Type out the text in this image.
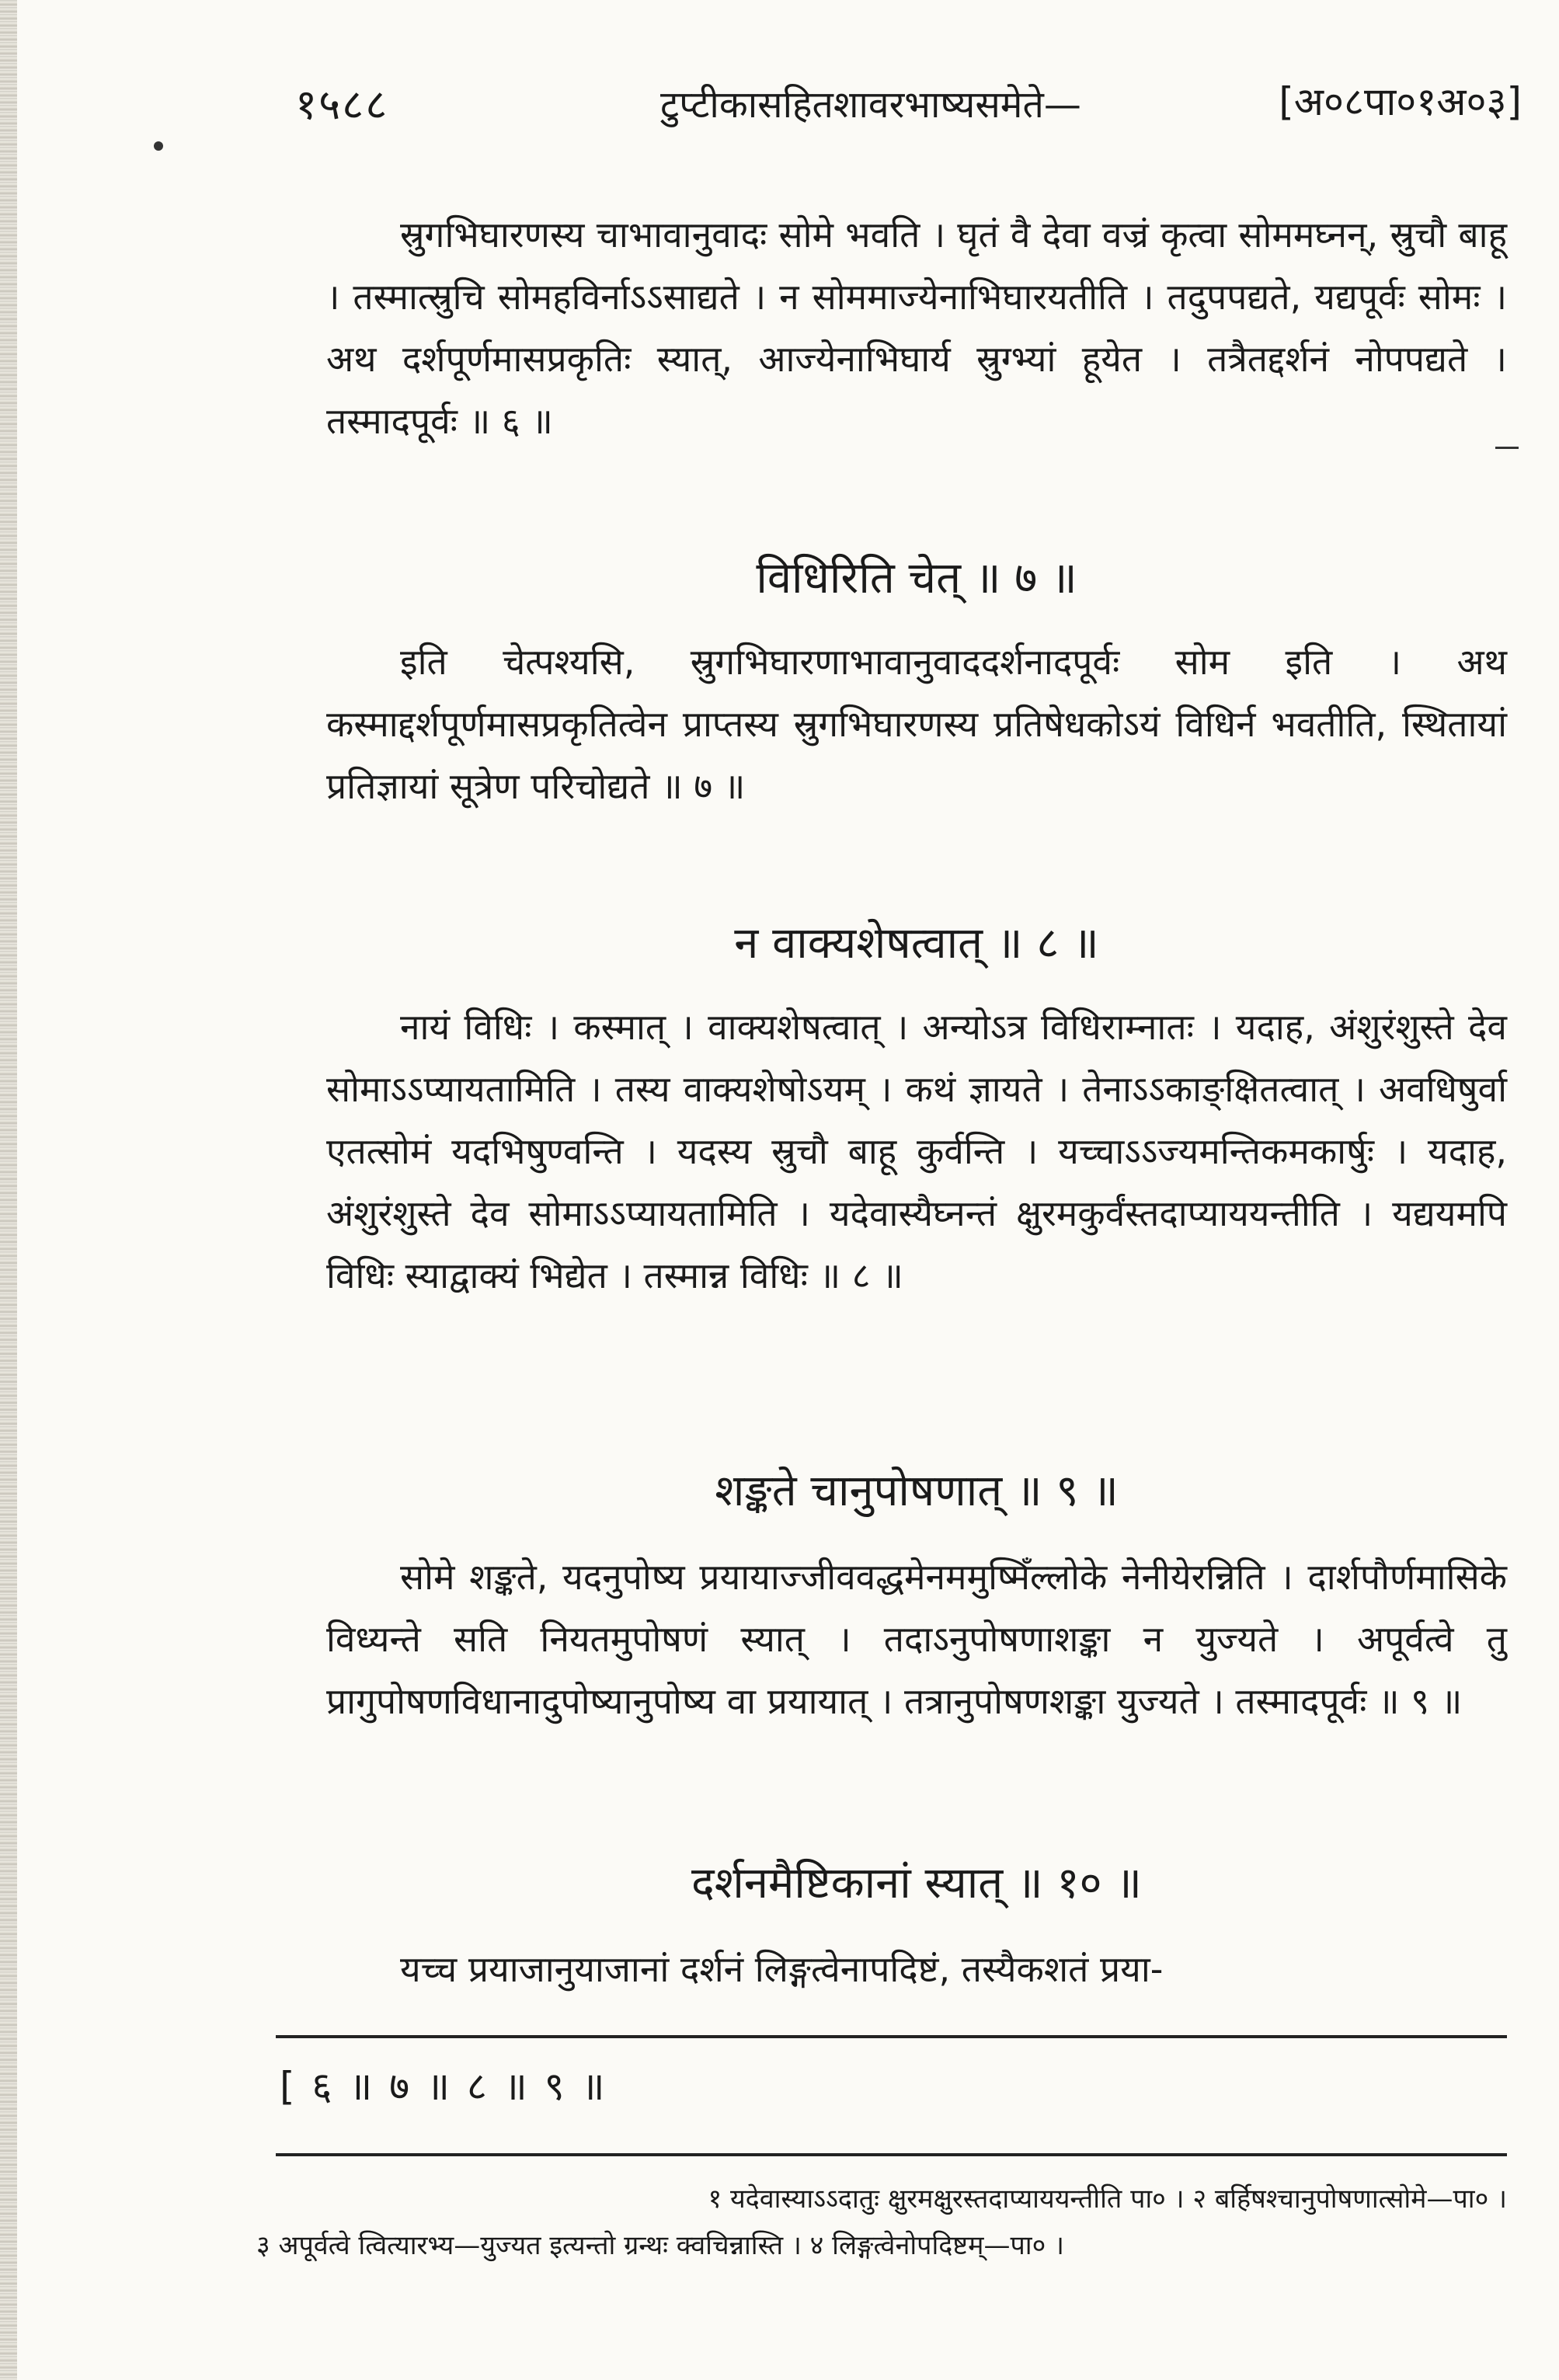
१५८८	टुप्टीकासहितशावरभाष्यसमेते—	[अ०८पा०१अ०३]

स्रुगभिघारणस्य चाभावानुवादः सोमे भवति । घृतं वै देवा वज्रं कृत्वा सोममघ्नन्, स्रुचौ बाहू । तस्मात्स्रुचि सोमहविर्नाऽऽसाद्यते । न सोममाज्येनाभिघारयतीति । तदुपपद्यते, यद्यपूर्वः सोमः । अथ दर्शपूर्णमासप्रकृतिः स्यात्, आज्येनाभिघार्य स्रुग्भ्यां हूयेत । तत्रैतद्दर्शनं नोपपद्यते । तस्मादपूर्वः ॥ ६ ॥

विधिरिति चेत् ॥ ७ ॥

इति चेत्पश्यसि, स्रुगभिघारणाभावानुवाददर्शनादपूर्वः सोम इति । अथ कस्माद्दर्शपूर्णमासप्रकृतित्वेन प्राप्तस्य स्रुगभिघारणस्य प्रतिषेधकोऽयं विधिर्न भवतीति, स्थितायां प्रतिज्ञायां सूत्रेण परिचोद्यते ॥ ७ ॥

न वाक्यशेषत्वात् ॥ ८ ॥

नायं विधिः । कस्मात् । वाक्यशेषत्वात् । अन्योऽत्र विधिराम्नातः । यदाह, अंशुरंशुस्ते देव सोमाऽऽप्यायतामिति । तस्य वाक्यशेषोऽयम् । कथं ज्ञायते । तेनाऽऽकाङ्क्षितत्वात् । अवधिषुर्वा एतत्सोमं यदभिषुण्वन्ति । यदस्य स्रुचौ बाहू कुर्वन्ति । यच्चाऽऽज्यमन्तिकमकार्षुः । यदाह, अंशुरंशुस्ते देव सोमाऽऽप्यायतामिति । यदेवास्यैघ्नन्तं क्षुरमकुर्वंस्तदाप्याययन्तीति । यद्ययमपि विधिः स्याद्वाक्यं भिद्येत । तस्मान्न विधिः ॥ ८ ॥

शङ्कते चानुपोषणात् ॥ ९ ॥

सोमे शङ्कते, यदनुपोष्य प्रयायाज्जीववद्धमेनममुष्मिँल्लोके नेनीयेरन्निति । दार्शपौर्णमासिके विध्यन्ते सति नियतमुपोषणं स्यात् । तदाऽनुपोषणाशङ्का न युज्यते । अपूर्वत्वे तु प्रागुपोषणविधानादुपोष्यानुपोष्य वा प्रयायात् । तत्रानुपोषणशङ्का युज्यते । तस्मादपूर्वः ॥ ९ ॥

दर्शनमैष्टिकानां स्यात् ॥ १० ॥

यच्च प्रयाजानुयाजानां दर्शनं लिङ्गत्वेनापदिष्टं, तस्यैकशतं प्रया-

[ ६ ॥ ७ ॥ ८ ॥ ९ ॥
१ यदेवास्याऽऽदातुः क्षुरमक्षुरस्तदाप्याययन्तीति पा० । २ बर्हिषश्चानुपोषणात्सोमे—पा० ।
३ अपूर्वत्वे त्वित्यारभ्य—युज्यत इत्यन्तो ग्रन्थः क्वचिन्नास्ति । ४ लिङ्गत्वेनोपदिष्टम्—पा० ।
